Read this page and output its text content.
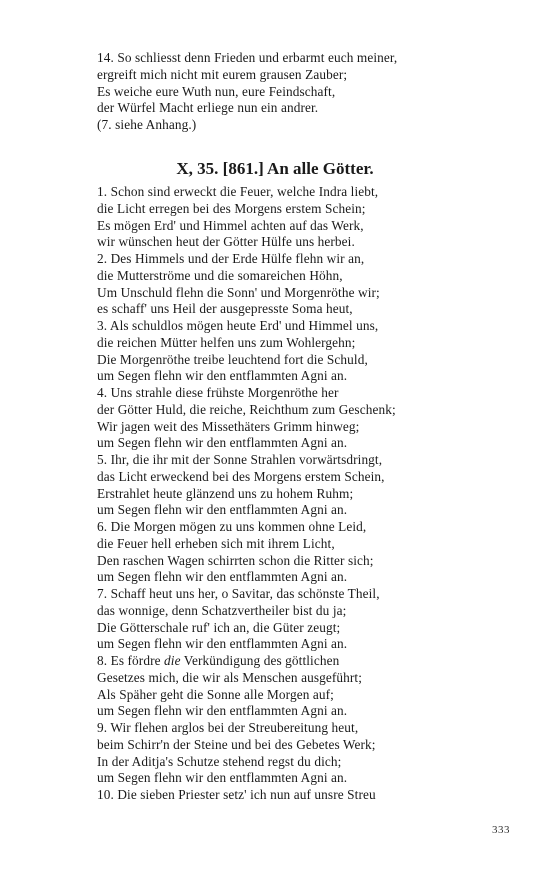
14. So schliesst denn Frieden und erbarmt euch meiner,
ergreift mich nicht mit eurem grausen Zauber;
Es weiche eure Wuth nun, eure Feindschaft,
der Würfel Macht erliege nun ein andrer.
(7. siehe Anhang.)
X, 35. [861.] An alle Götter.
1. Schon sind erweckt die Feuer, welche Indra liebt,
die Licht erregen bei des Morgens erstem Schein;
Es mögen Erd' und Himmel achten auf das Werk,
wir wünschen heut der Götter Hülfe uns herbei.
2. Des Himmels und der Erde Hülfe flehn wir an,
die Mutterströme und die somareichen Höhn,
Um Unschuld flehn die Sonn' und Morgenröthe wir;
es schaff' uns Heil der ausgepresste Soma heut,
3. Als schuldlos mögen heute Erd' und Himmel uns,
die reichen Mütter helfen uns zum Wohlergehn;
Die Morgenröthe treibe leuchtend fort die Schuld,
um Segen flehn wir den entflammten Agni an.
4. Uns strahle diese frühste Morgenröthe her
der Götter Huld, die reiche, Reichthum zum Geschenk;
Wir jagen weit des Missethäters Grimm hinweg;
um Segen flehn wir den entflammten Agni an.
5. Ihr, die ihr mit der Sonne Strahlen vorwärtsdringt,
das Licht erweckend bei des Morgens erstem Schein,
Erstrahlet heute glänzend uns zu hohem Ruhm;
um Segen flehn wir den entflammten Agni an.
6. Die Morgen mögen zu uns kommen ohne Leid,
die Feuer hell erheben sich mit ihrem Licht,
Den raschen Wagen schirrten schon die Ritter sich;
um Segen flehn wir den entflammten Agni an.
7. Schaff heut uns her, o Savitar, das schönste Theil,
das wonnige, denn Schatzvertheiler bist du ja;
Die Götterschale ruf' ich an, die Güter zeugt;
um Segen flehn wir den entflammten Agni an.
8. Es fördre die Verkündigung des göttlichen
Gesetzes mich, die wir als Menschen ausgeführt;
Als Späher geht die Sonne alle Morgen auf;
um Segen flehn wir den entflammten Agni an.
9. Wir flehen arglos bei der Streubereitung heut,
beim Schirr'n der Steine und bei des Gebetes Werk;
In der Aditja's Schutze stehend regst du dich;
um Segen flehn wir den entflammten Agni an.
10. Die sieben Priester setz' ich nun auf unsre Streu
333
